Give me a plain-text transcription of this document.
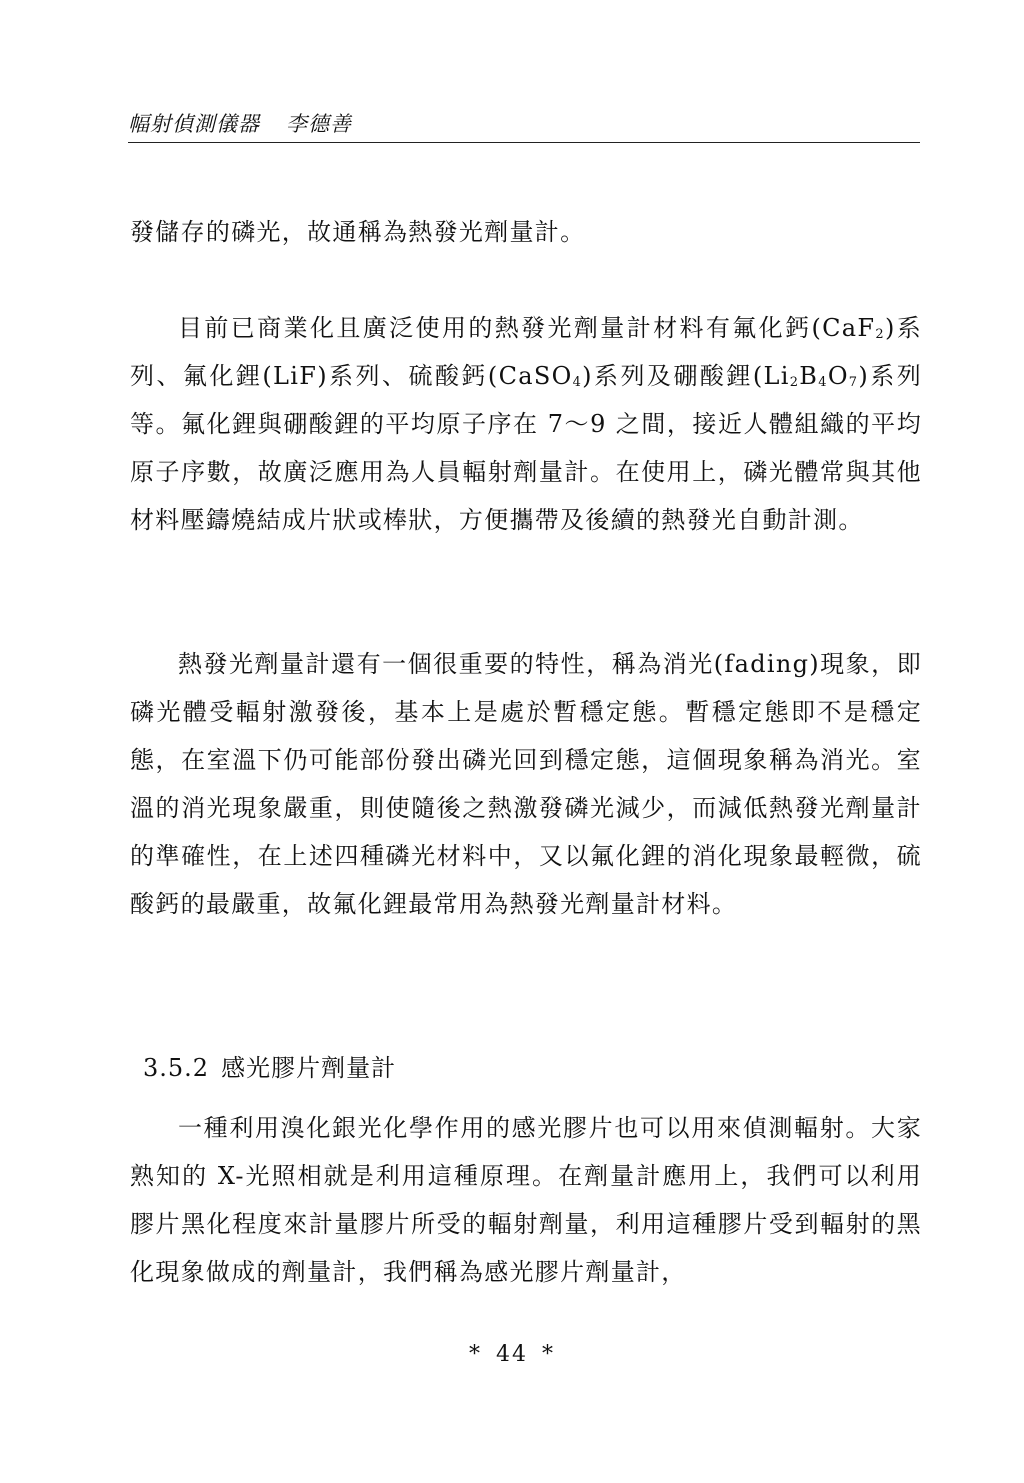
幅射偵測儀器 李德善
發儲存的磷光，故通稱為熱發光劑量計。
目前已商業化且廣泛使用的熱發光劑量計材料有氟化鈣(CaF$_2$)系列、氟化鋰(LiF)系列、硫酸鈣(CaSO$_4$)系列及硼酸鋰$(Li_2B_4O_7)$系列等。氟化鋰與硼酸鋰的平均原子序在 7～9 之間，接近人體組織的平均原子序數，故廣泛應用為人員輻射劑量計。在使用上，磷光體常與其他材料壓鑄燒結成片狀或棒狀，方便攜帶及後續的熱發光自動計測。
熱發光劑量計還有一個很重要的特性，稱為消光(fading)現象，即磷光體受輻射激發後，基本上是處於暫穩定態。暫穩定態即不是穩定態，在室溫下仍可能部份發出磷光回到穩定態，這個現象稱為消光。室溫的消光現象嚴重，則使隨後之熱激發磷光減少，而減低熱發光劑量計的準確性，在上述四種磷光材料中，又以氟化鋰的消化現象最輕微，硫酸鈣的最嚴重，故氟化鋰最常用為熱發光劑量計材料。
3.5.2 感光膠片劑量計
一種利用溴化銀光化學作用的感光膠片也可以用來偵測輻射。大家熟知的 X-光照相就是利用這種原理。在劑量計應用上，我們可以利用膠片黑化程度來計量膠片所受的輻射劑量，利用這種膠片受到輻射的黑化現象做成的劑量計，我們稱為感光膠片劑量計，
* 44 *
